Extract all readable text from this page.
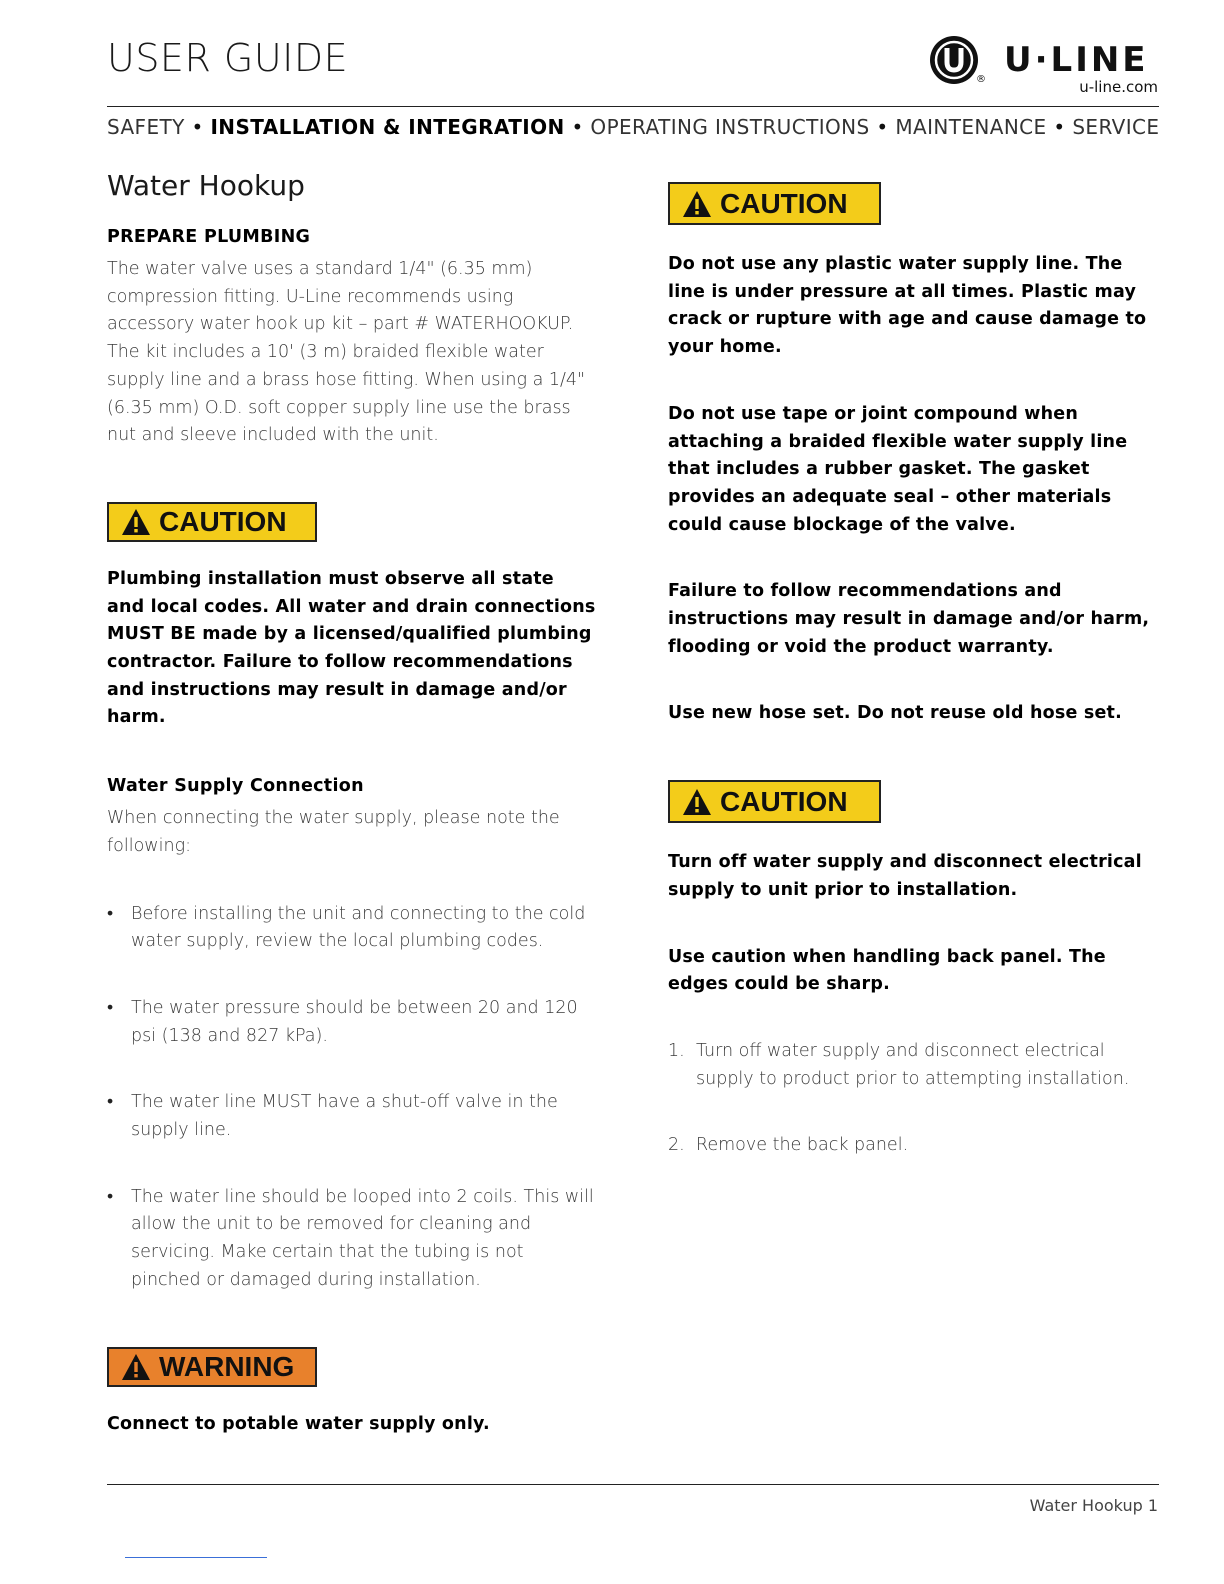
USER GUIDE	® U·LINE
u-line.com
SAFETY • INSTALLATION & INTEGRATION • OPERATING INSTRUCTIONS • MAINTENANCE • SERVICE
Water Hookup
PREPARE PLUMBING
The water valve uses a standard 1/4" (6.35 mm) compression fitting. U-Line recommends using accessory water hook up kit – part # WATERHOOKUP. The kit includes a 10' (3 m) braided flexible water supply line and a brass hose fitting. When using a 1/4" (6.35 mm) O.D. soft copper supply line use the brass nut and sleeve included with the unit.
CAUTION
Plumbing installation must observe all state and local codes. All water and drain connections MUST BE made by a licensed/qualified plumbing contractor. Failure to follow recommendations and instructions may result in damage and/or harm.
Water Supply Connection
When connecting the water supply, please note the following:
• Before installing the unit and connecting to the cold water supply, review the local plumbing codes.
• The water pressure should be between 20 and 120 psi (138 and 827 kPa).
• The water line MUST have a shut-off valve in the supply line.
• The water line should be looped into 2 coils. This will allow the unit to be removed for cleaning and servicing. Make certain that the tubing is not pinched or damaged during installation.
WARNING
Connect to potable water supply only.
CAUTION
Do not use any plastic water supply line. The line is under pressure at all times. Plastic may crack or rupture with age and cause damage to your home.
Do not use tape or joint compound when attaching a braided flexible water supply line that includes a rubber gasket. The gasket provides an adequate seal – other materials could cause blockage of the valve.
Failure to follow recommendations and instructions may result in damage and/or harm, flooding or void the product warranty.
Use new hose set. Do not reuse old hose set.
CAUTION
Turn off water supply and disconnect electrical supply to unit prior to installation.
Use caution when handling back panel. The edges could be sharp.
1. Turn off water supply and disconnect electrical supply to product prior to attempting installation.
2. Remove the back panel.
Water Hookup 1
